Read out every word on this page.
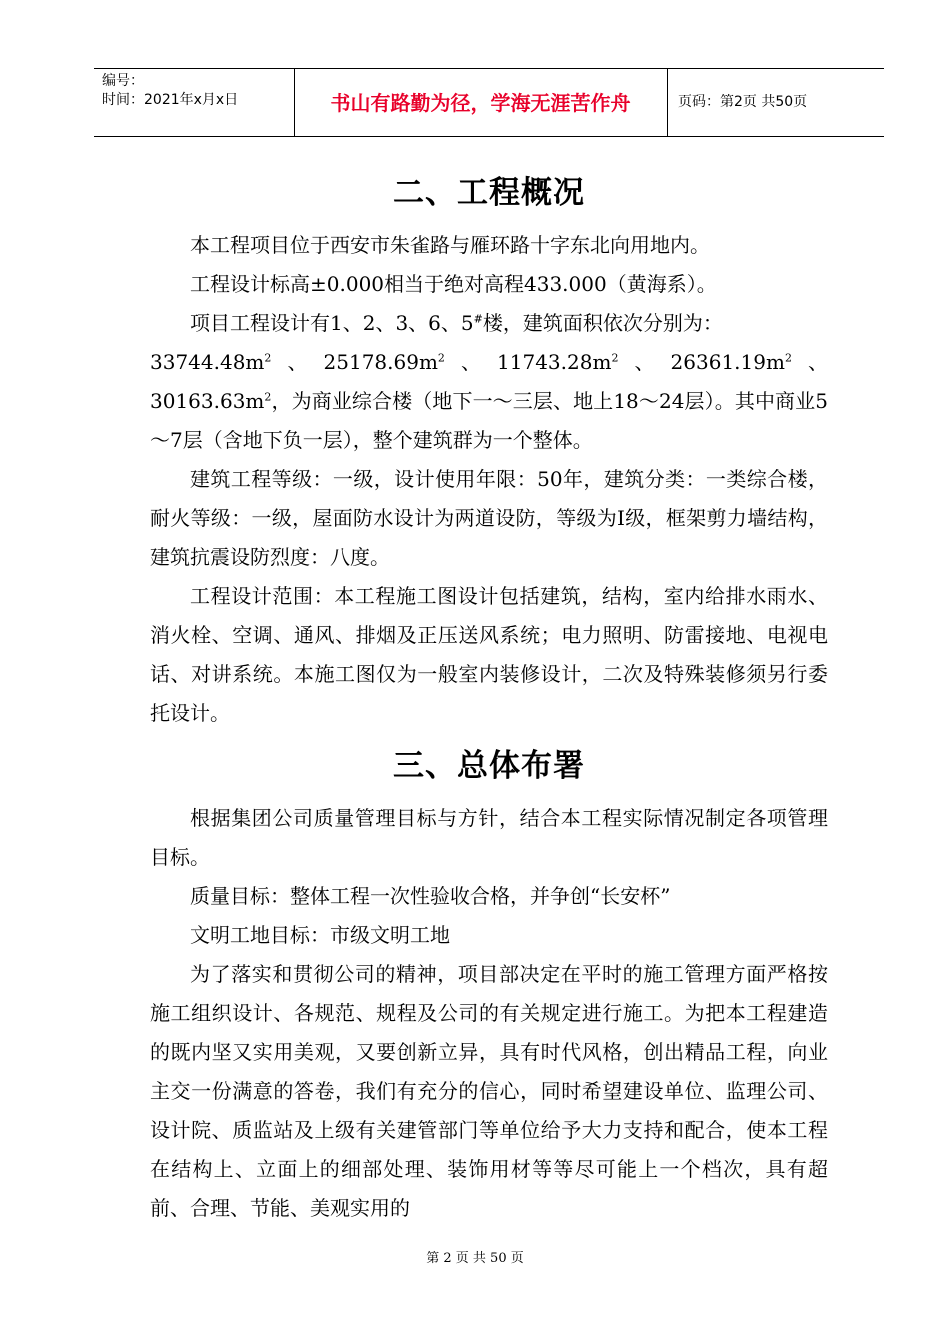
编号：
时间：2021年x月x日	书山有路勤为径，学海无涯苦作舟	页码：第2页 共50页
二、工程概况

本工程项目位于西安市朱雀路与雁环路十字东北向用地内。

工程设计标高±0.000相当于绝对高程433.000（黄海系）。

项目工程设计有1、2、3、6、5#楼，建筑面积依次分别为：

$33744.48m^2$、$25178.69m^2$、$11743.28m^2$、$26361.19m^2$、$30163.63m^2$，为商业综合楼（地下一～三层、地上18～24层）。其中商业5～7层（含地下负一层），整个建筑群为一个整体。

建筑工程等级：一级，设计使用年限：50年，建筑分类：一类综合楼，耐火等级：一级，屋面防水设计为两道设防，等级为I级，框架剪力墙结构，建筑抗震设防烈度：八度。

工程设计范围：本工程施工图设计包括建筑，结构，室内给排水雨水、消火栓、空调、通风、排烟及正压送风系统；电力照明、防雷接地、电视电话、对讲系统。本施工图仅为一般室内装修设计，二次及特殊装修须另行委托设计。

三、总体布署

根据集团公司质量管理目标与方针，结合本工程实际情况制定各项管理目标。

质量目标：整体工程一次性验收合格，并争创“长安杯”

文明工地目标：市级文明工地

为了落实和贯彻公司的精神，项目部决定在平时的施工管理方面严格按施工组织设计、各规范、规程及公司的有关规定进行施工。为把本工程建造的既内坚又实用美观，又要创新立异，具有时代风格，创出精品工程，向业主交一份满意的答卷，我们有充分的信心，同时希望建设单位、监理公司、设计院、质监站及上级有关建管部门等单位给予大力支持和配合，使本工程在结构上、立面上的细部处理、装饰用材等等尽可能上一个档次，具有超前、合理、节能、美观实用的

第 2 页 共 50 页
